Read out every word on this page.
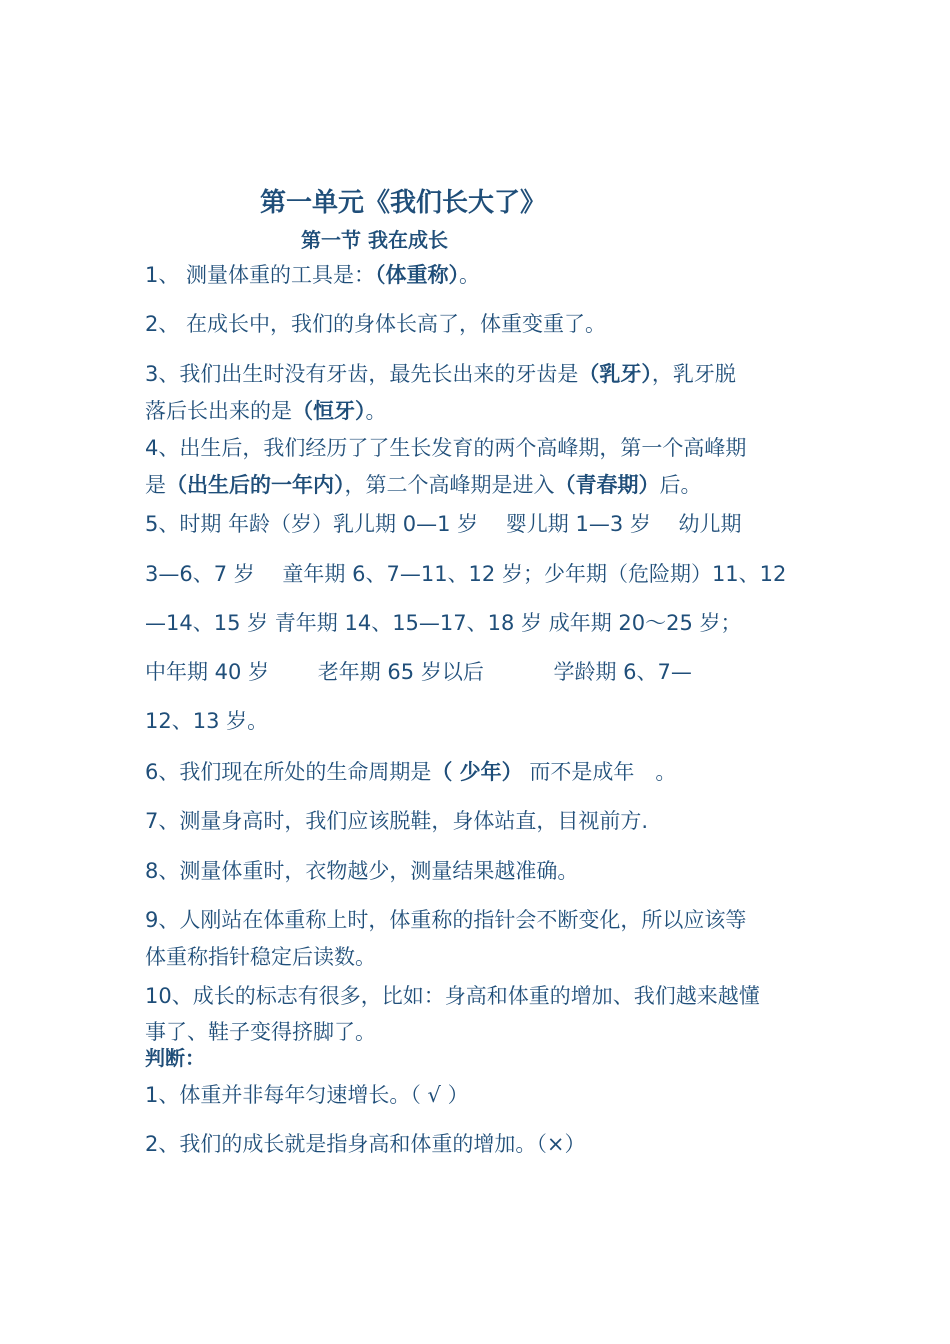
第一单元《我们长大了》
第一节 我在成长
1、 测量体重的工具是：（体重称）。
2、 在成长中，我们的身体长高了，体重变重了。
3、我们出生时没有牙齿，最先长出来的牙齿是（乳牙），乳牙脱
落后长出来的是（恒牙）。
4、出生后，我们经历了了生长发育的两个高峰期，第一个高峰期
是（出生后的一年内），第二个高峰期是进入（青春期）后。
5、时期 年龄（岁）乳儿期 0—1 岁　 婴儿期 1—3 岁　 幼儿期
3—6、7 岁　 童年期 6、7—11、12 岁；少年期（危险期）11、12
—14、15 岁 青年期 14、15—17、18 岁 成年期 20～25 岁；
中年期 40 岁　　 老年期 65 岁以后　　　 学龄期 6、7—
12、13 岁。
6、我们现在所处的生命周期是（ 少年） 而不是成年　。
7、测量身高时，我们应该脱鞋，身体站直，目视前方.
8、测量体重时，衣物越少，测量结果越准确。
9、人刚站在体重称上时，体重称的指针会不断变化，所以应该等
体重称指针稳定后读数。
10、成长的标志有很多，比如：身高和体重的增加、我们越来越懂
事了、鞋子变得挤脚了。
判断：
1、体重并非每年匀速增长。（ √ ）
2、我们的成长就是指身高和体重的增加。（×）
